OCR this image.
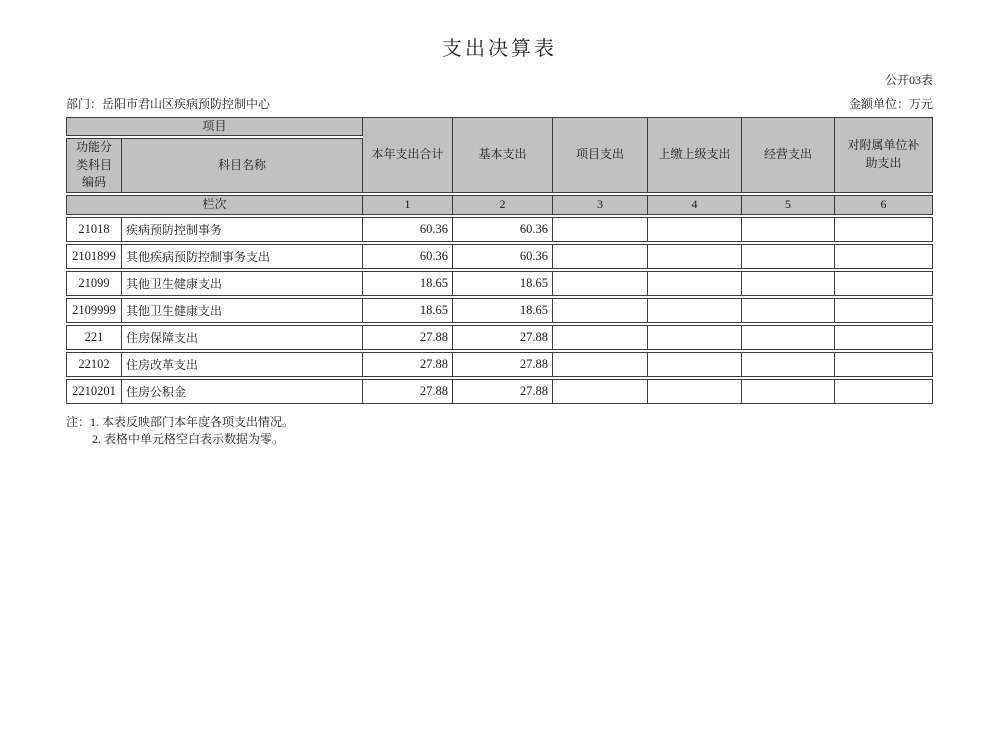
支出决算表
公开03表
部门：岳阳市君山区疾病预防控制中心	金额单位：万元
项目		本年支出合计	基本支出	项目支出	上缴上级支出	经营支出	对附属单位补助支出
功能分类科目编码	科目名称						
栏次		1	2	3	4	5	6
21018	疾病预防控制事务	60.36	60.36				
2101899	其他疾病预防控制事务支出	60.36	60.36				
21099	其他卫生健康支出	18.65	18.65				
2109999	其他卫生健康支出	18.65	18.65				
221	住房保障支出	27.88	27.88				
22102	住房改革支出	27.88	27.88				
2210201	住房公积金	27.88	27.88				
注：1. 本表反映部门本年度各项支出情况。
2. 表格中单元格空白表示数据为零。
